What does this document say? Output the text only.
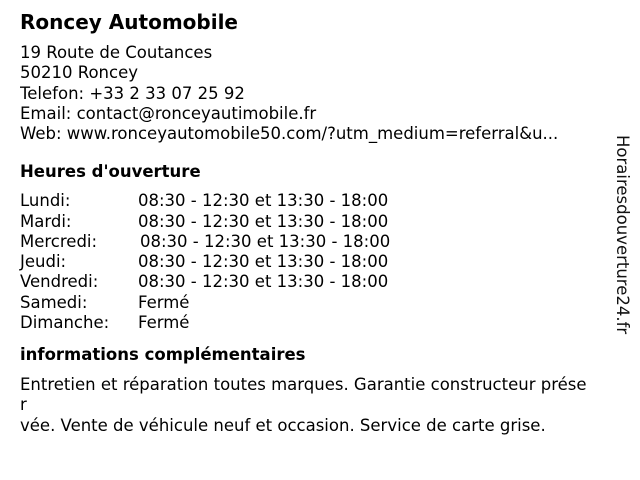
Roncey Automobile
19 Route de Coutances
50210 Roncey
Telefon: +33 2 33 07 25 92
Email: contact@ronceyautimobile.fr
Web: www.ronceyautomobile50.com/?utm_medium=referral&u...
Heures d'ouverture
Lundi:	08:30 - 12:30 et 13:30 - 18:00
Mardi:	08:30 - 12:30 et 13:30 - 18:00
Mercredi:	08:30 - 12:30 et 13:30 - 18:00
Jeudi:	08:30 - 12:30 et 13:30 - 18:00
Vendredi:	08:30 - 12:30 et 13:30 - 18:00
Samedi:	Fermé
Dimanche:	Fermé
informations complémentaires
Entretien et réparation toutes marques. Garantie constructeur préser
vée. Vente de véhicule neuf et occasion. Service de carte grise.
Horairesdouverture24.fr
